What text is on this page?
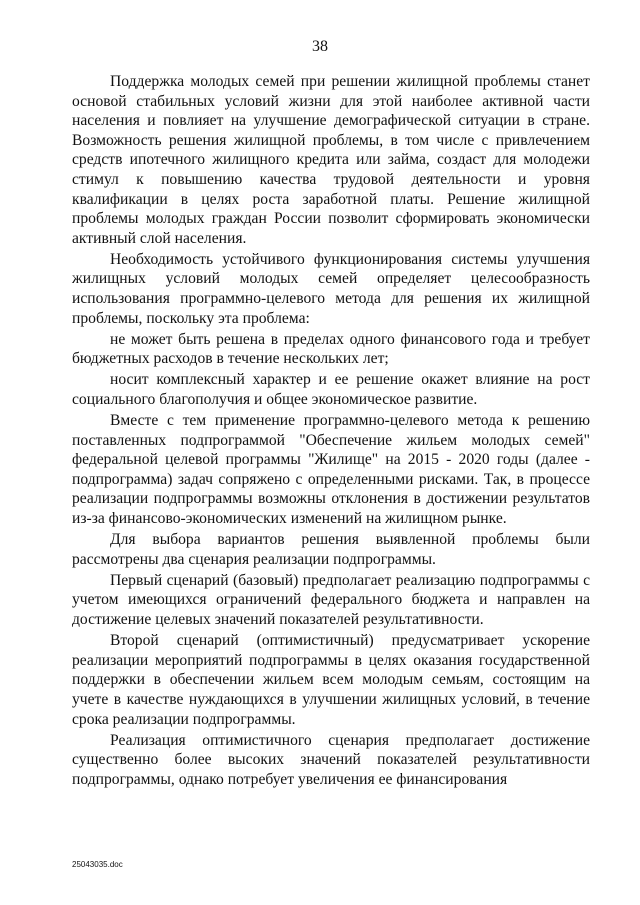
38

Поддержка молодых семей при решении жилищной проблемы станет основой стабильных условий жизни для этой наиболее активной части населения и повлияет на улучшение демографической ситуации в стране. Возможность решения жилищной проблемы, в том числе с привлечением средств ипотечного жилищного кредита или займа, создаст для молодежи стимул к повышению качества трудовой деятельности и уровня квалификации в целях роста заработной платы. Решение жилищной проблемы молодых граждан России позволит сформировать экономически активный слой населения.

Необходимость устойчивого функционирования системы улучшения жилищных условий молодых семей определяет целесообразность использования программно-целевого метода для решения их жилищной проблемы, поскольку эта проблема:

не может быть решена в пределах одного финансового года и требует бюджетных расходов в течение нескольких лет;

носит комплексный характер и ее решение окажет влияние на рост социального благополучия и общее экономическое развитие.

Вместе с тем применение программно-целевого метода к решению поставленных подпрограммой "Обеспечение жильем молодых семей" федеральной целевой программы "Жилище" на 2015 - 2020 годы (далее - подпрограмма) задач сопряжено с определенными рисками. Так, в процессе реализации подпрограммы возможны отклонения в достижении результатов из-за финансово-экономических изменений на жилищном рынке.

Для выбора вариантов решения выявленной проблемы были рассмотрены два сценария реализации подпрограммы.

Первый сценарий (базовый) предполагает реализацию подпрограммы с учетом имеющихся ограничений федерального бюджета и направлен на достижение целевых значений показателей результативности.

Второй сценарий (оптимистичный) предусматривает ускорение реализации мероприятий подпрограммы в целях оказания государственной поддержки в обеспечении жильем всем молодым семьям, состоящим на учете в качестве нуждающихся в улучшении жилищных условий, в течение срока реализации подпрограммы.

Реализация оптимистичного сценария предполагает достижение существенно более высоких значений показателей результативности подпрограммы, однако потребует увеличения ее финансирования

25043035.doc
